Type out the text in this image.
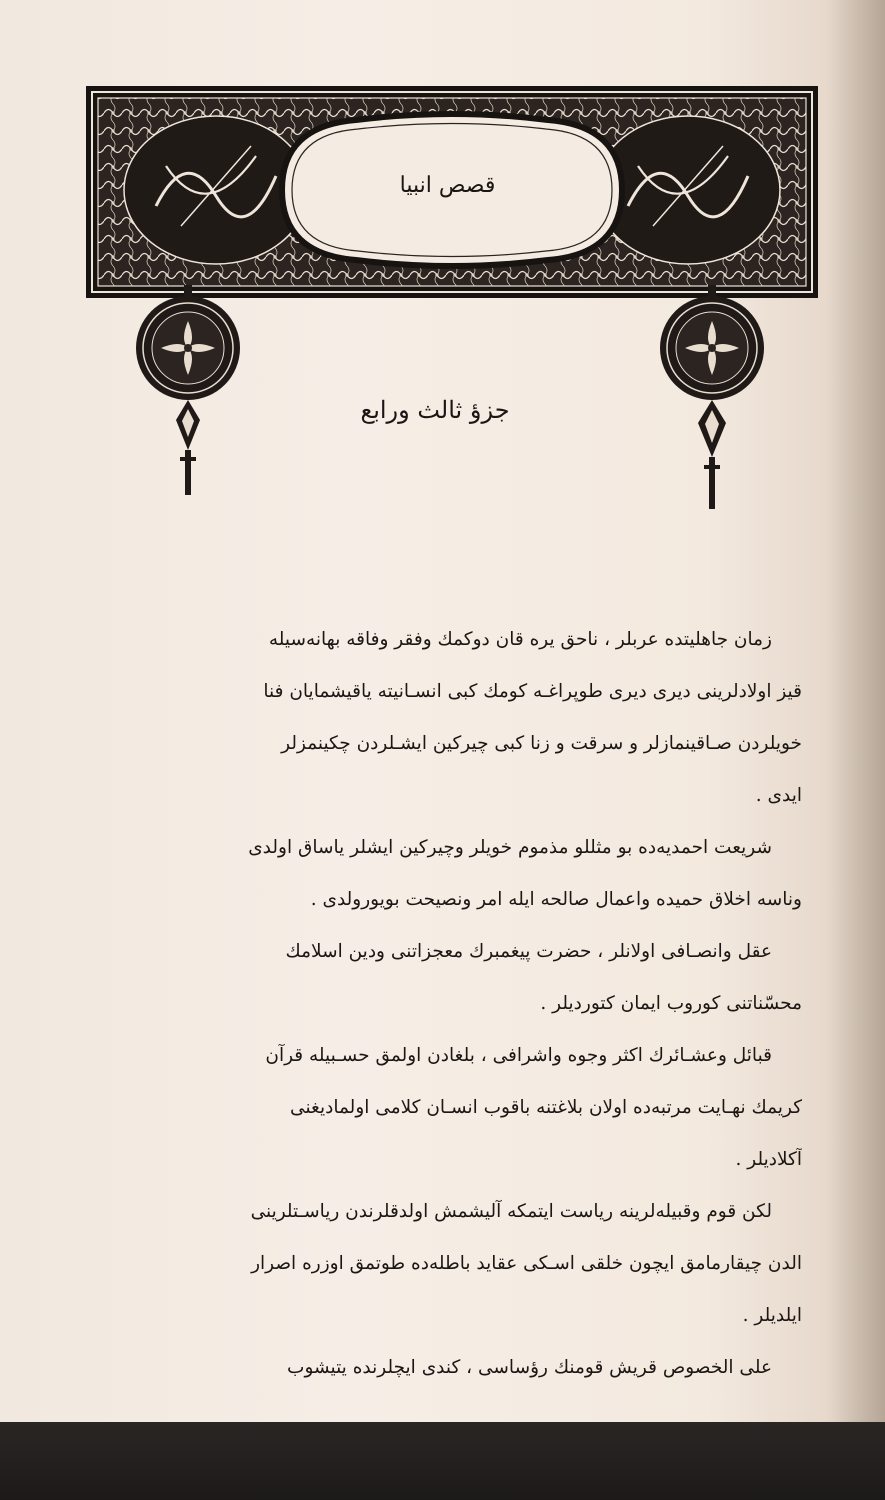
قصص انبيا
جزؤ ثالث ورابع

زمان جاهليتده عربلر ، ناحق يره قان دوكمك وفقر وفاقه بهانه‌سيله
قيز اولادلرينی ديری ديری طوپراغـه كومك كبی انسـانيته ياقيشمايان فنا
خويلردن صـاقينمازلر و سرقت و زنا كبی چيركين ايشـلردن چكينمزلر
ايدی .

شريعت احمديه‌ده بو مثللو مذموم خويلر وچيركين ايشلر ياساق اولدی
وناسه اخلاق حميده واعمال صالحه ايله امر ونصيحت بويورولدی .

عقل وانصـافی اولانلر ، حضرت پيغمبرك معجزاتنی ودين اسلامك
محسّناتنی كوروب ايمان كتورديلر .

قبائل وعشـائرك اكثر وجوه واشرافی ، بلغادن اولمق حسـبيله قرآن
كريمك نهـايت مرتبه‌ده اولان بلاغتنه باقوب انسـان كلامی اولماديغنی
آكلاديلر .

لكن قوم وقبيله‌لرينه رياست ايتمكه آليشمش اولدقلرندن رياسـتلرينی
الدن چيقارمامق ايچون خلقی اسـكی عقايد باطله‌ده طوتمق اوزره اصرار
ايلديلر .

علی الخصوص قريش قومنك رؤساسی ، كندی ايچلرنده يتيشوب
